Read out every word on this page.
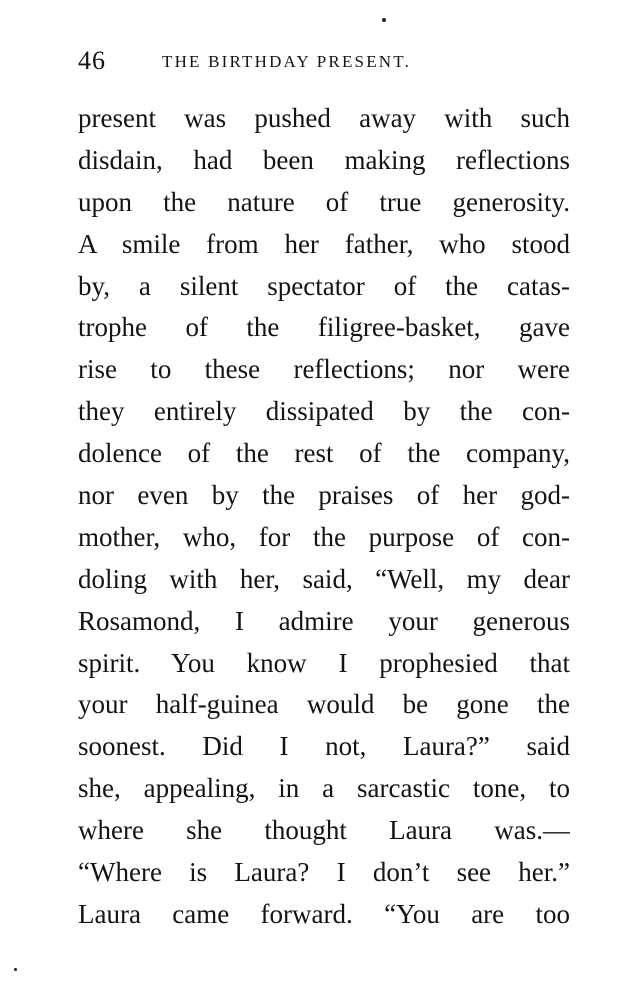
46	THE BIRTHDAY PRESENT.
present was pushed away with such
disdain, had been making reflections
upon the nature of true generosity.
A smile from her father, who stood
by, a silent spectator of the catas-
trophe of the filigree-basket, gave
rise to these reflections; nor were
they entirely dissipated by the con-
dolence of the rest of the company,
nor even by the praises of her god-
mother, who, for the purpose of con-
doling with her, said, “Well, my dear
Rosamond, I admire your generous
spirit. You know I prophesied that
your half-guinea would be gone the
soonest. Did I not, Laura?” said
she, appealing, in a sarcastic tone, to
where she thought Laura was.—
“Where is Laura? I don’t see her.”
Laura came forward. “You are too
